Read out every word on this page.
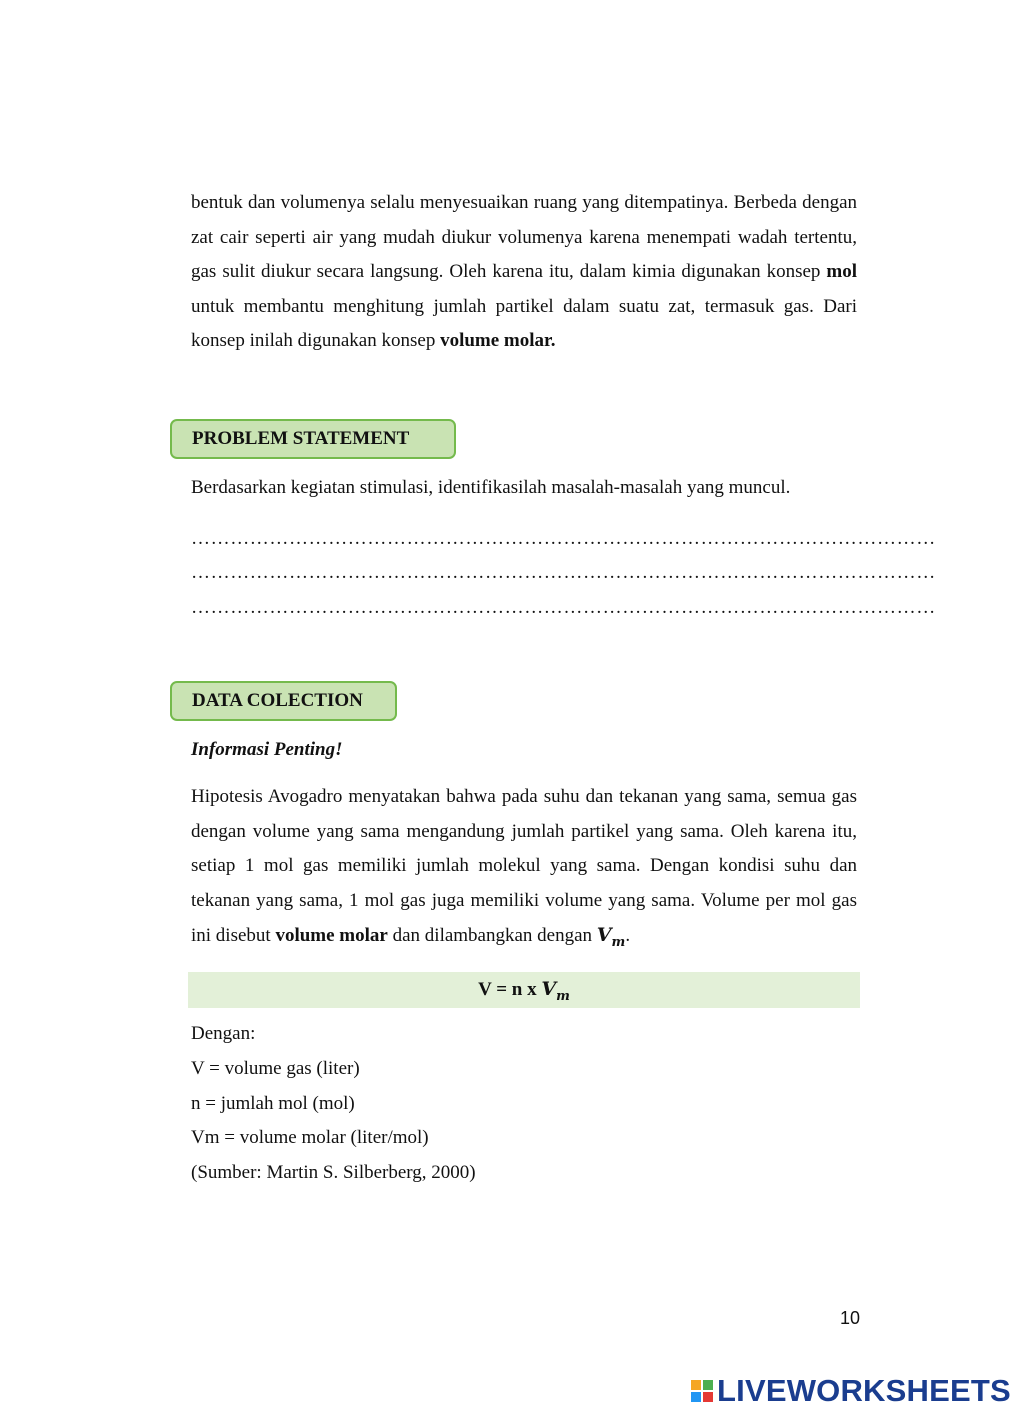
bentuk dan volumenya selalu menyesuaikan ruang yang ditempatinya. Berbeda dengan zat cair seperti air yang mudah diukur volumenya karena menempati wadah tertentu, gas sulit diukur secara langsung. Oleh karena itu, dalam kimia digunakan konsep mol untuk membantu menghitung jumlah partikel dalam suatu zat, termasuk gas. Dari konsep inilah digunakan konsep volume molar.

PROBLEM STATEMENT

Berdasarkan kegiatan stimulasi, identifikasilah masalah-masalah yang muncul.

……………………………………………………………………………………………………
……………………………………………………………………………………………………
……………………………………………………………………………………………………
DATA COLECTION

Informasi Penting!

Hipotesis Avogadro menyatakan bahwa pada suhu dan tekanan yang sama, semua gas dengan volume yang sama mengandung jumlah partikel yang sama. Oleh karena itu, setiap 1 mol gas memiliki jumlah molekul yang sama. Dengan kondisi suhu dan tekanan yang sama, 1 mol gas juga memiliki volume yang sama. Volume per mol gas ini disebut volume molar dan dilambangkan dengan $V_m$.

V = n x $V_m$

Dengan:

V = volume gas (liter)

n = jumlah mol (mol)

Vm = volume molar (liter/mol)

(Sumber: Martin S. Silberberg, 2000)

10
LIVEWORKSHEETS
